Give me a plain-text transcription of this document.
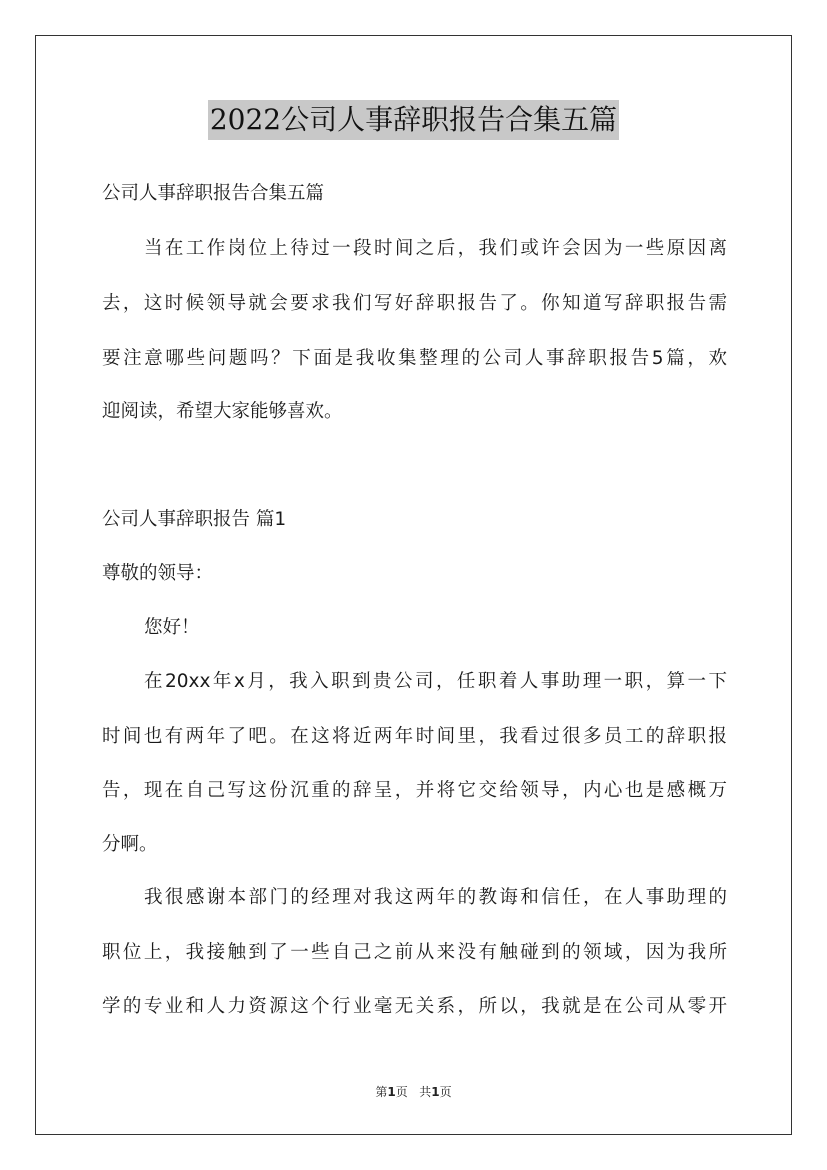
2022公司人事辞职报告合集五篇
公司人事辞职报告合集五篇
当在工作岗位上待过一段时间之后，我们或许会因为一些原因离
去，这时候领导就会要求我们写好辞职报告了。你知道写辞职报告需
要注意哪些问题吗？下面是我收集整理的公司人事辞职报告5篇，欢
迎阅读，希望大家能够喜欢。
公司人事辞职报告 篇1
尊敬的领导：
您好！
在20xx年x月，我入职到贵公司，任职着人事助理一职，算一下
时间也有两年了吧。在这将近两年时间里，我看过很多员工的辞职报
告，现在自己写这份沉重的辞呈，并将它交给领导，内心也是感概万
分啊。
我很感谢本部门的经理对我这两年的教诲和信任，在人事助理的
职位上，我接触到了一些自己之前从来没有触碰到的领域，因为我所
学的专业和人力资源这个行业毫无关系，所以，我就是在公司从零开
第1页 共1页
